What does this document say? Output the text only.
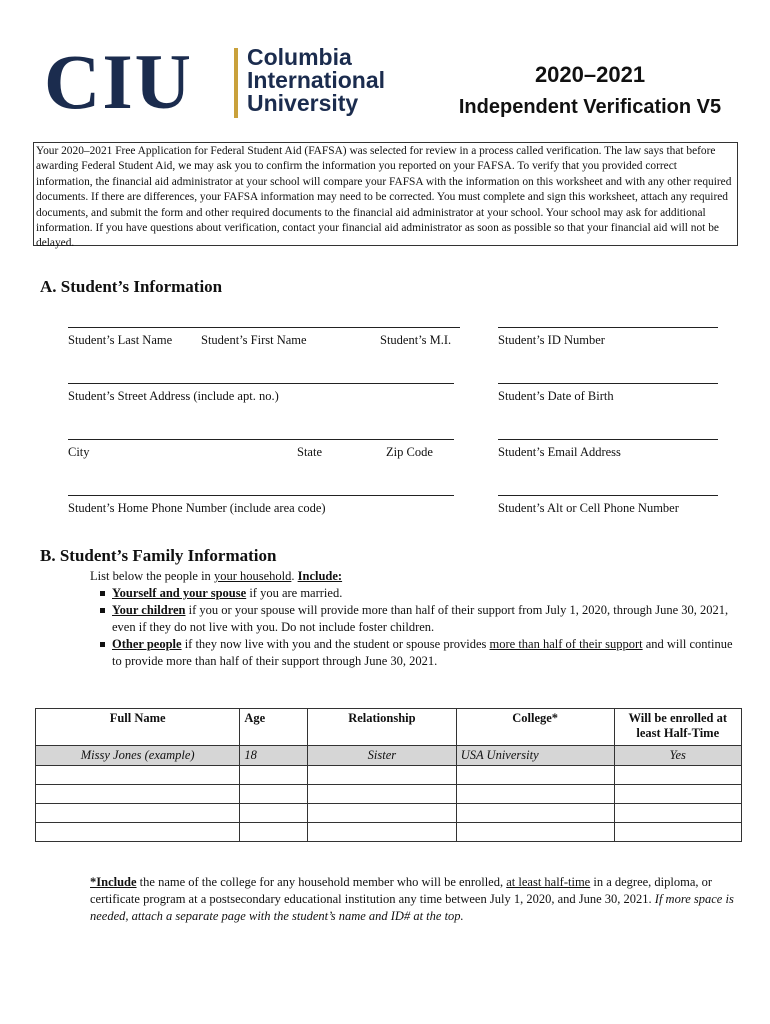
CIU Columbia
International
University
2020–2021
Independent Verification V5
Your 2020–2021 Free Application for Federal Student Aid (FAFSA) was selected for review in a process called verification. The law says that before awarding Federal Student Aid, we may ask you to confirm the information you reported on your FAFSA. To verify that you provided correct information, the financial aid administrator at your school will compare your FAFSA with the information on this worksheet and with any other required documents. If there are differences, your FAFSA information may need to be corrected. You must complete and sign this worksheet, attach any required documents, and submit the form and other required documents to the financial aid administrator at your school. Your school may ask for additional information. If you have questions about verification, contact your financial aid administrator as soon as possible so that your financial aid will not be delayed.
A. Student’s Information
Student’s Last Name Student’s First Name	Student’s M.I.	Student’s ID Number
Student’s Street Address (include apt. no.)	Student’s Date of Birth
City	State	Zip Code	Student’s Email Address
Student’s Home Phone Number (include area code)	Student’s Alt or Cell Phone Number
B. Student’s Family Information
List below the people in your household. Include:
Yourself and your spouse if you are married.
Your children if you or your spouse will provide more than half of their support from July 1, 2020, through June 30, 2021, even if they do not live with you. Do not include foster children.
Other people if they now live with you and the student or spouse provides more than half of their support and will continue to provide more than half of their support through June 30, 2021.
Full Name	Age	Relationship	College*	Will be enrolled at least Half-Time
Missy Jones (example)	18	Sister	USA University	Yes

*Include the name of the college for any household member who will be enrolled, at least half-time in a degree, diploma, or certificate program at a postsecondary educational institution any time between July 1, 2020, and June 30, 2021. If more space is needed, attach a separate page with the student’s name and ID# at the top.
